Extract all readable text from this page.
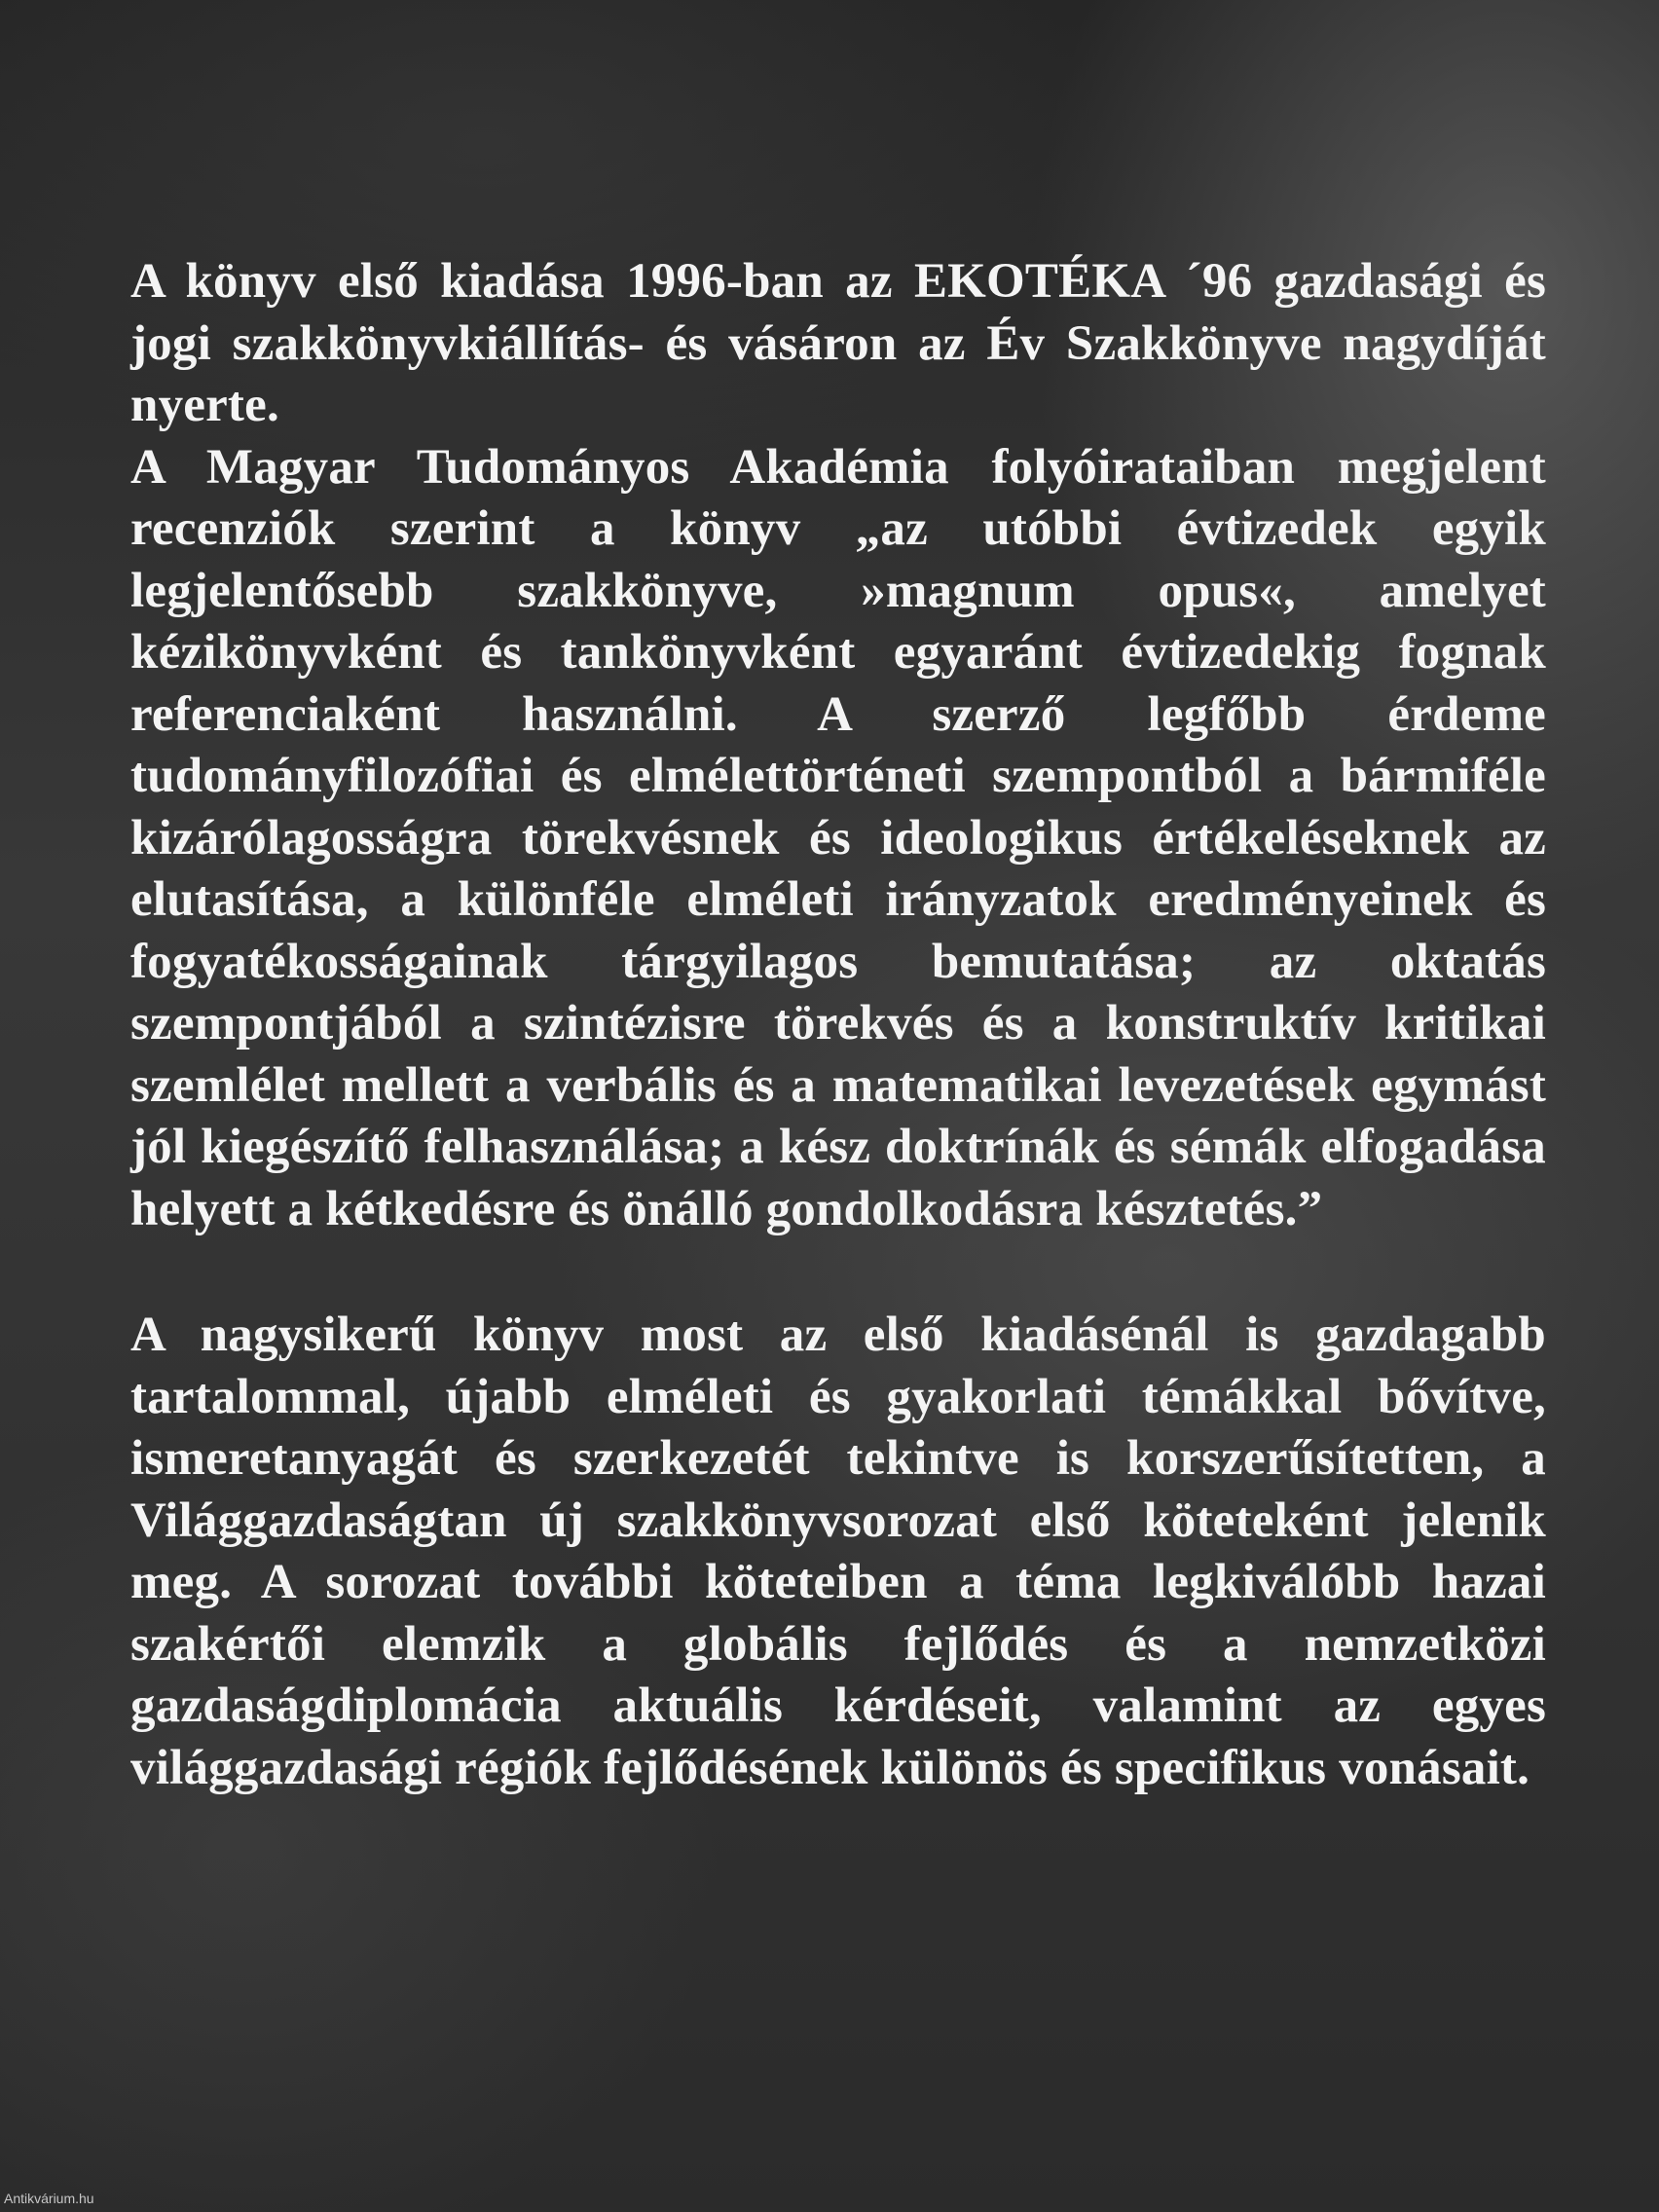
A könyv első kiadása 1996-ban az EKOTÉKA ´96 gazdasági és jogi szakkönyvkiállítás- és vásáron az Év Szakkönyve nagydíját nyerte.

A Magyar Tudományos Akadémia folyóirataiban megjelent recenziók szerint a könyv „az utóbbi évtizedek egyik legjelentősebb szakkönyve, »magnum opus«, amelyet kézikönyvként és tankönyvként egyaránt évtizedekig fognak referenciaként használni. A szerző legfőbb érdeme tudományfilozófiai és elmélettörténeti szempontból a bármiféle kizárólagosságra törekvésnek és ideologikus értékeléseknek az elutasítása, a különféle elméleti irányzatok eredményeinek és fogyatékosságainak tárgyilagos bemutatása; az oktatás szempontjából a szintézisre törekvés és a konstruktív kritikai szemlélet mellett a verbális és a matematikai levezetések egymást jól kiegészítő felhasználása; a kész doktrínák és sémák elfogadása helyett a kétkedésre és önálló gondolkodásra késztetés.”

A nagysikerű könyv most az első kiadásénál is gazdagabb tartalommal, újabb elméleti és gyakorlati témákkal bővítve, ismeretanyagát és szerkezetét tekintve is korszerűsítetten, a Világgazdaságtan új szakkönyvsorozat első köteteként jelenik meg. A sorozat további köteteiben a téma legkiválóbb hazai szakértői elemzik a globális fejlődés és a nemzetközi gazdaságdiplomácia aktuális kérdéseit, valamint az egyes világgazdasági régiók fejlődésének különös és specifikus vonásait.

Antikvárium.hu
